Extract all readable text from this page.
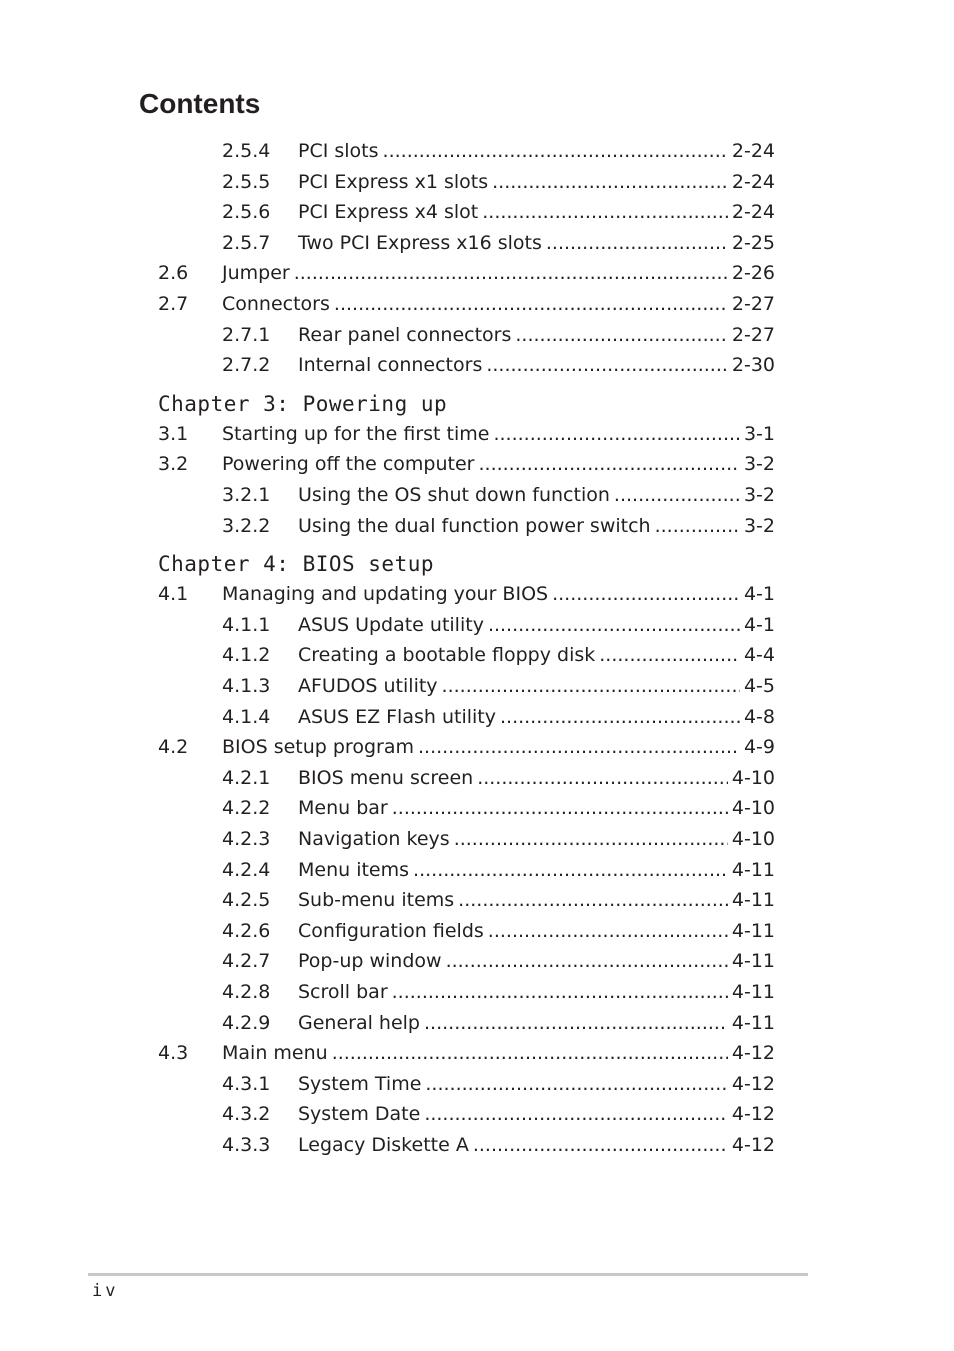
Contents
2.5.4 PCI slots .....	2-24
2.5.5 PCI Express x1 slots .....	2-24
2.5.6 PCI Express x4 slot .....	2-24
2.5.7 Two PCI Express x16 slots .....	2-25
2.6 Jumper .....	2-26
2.7 Connectors .....	2-27
2.7.1 Rear panel connectors .....	2-27
2.7.2 Internal connectors .....	2-30
Chapter 3: Powering up
3.1 Starting up for the first time .....	3-1
3.2 Powering off the computer .....	3-2
3.2.1 Using the OS shut down function .....	3-2
3.2.2 Using the dual function power switch .....	3-2
Chapter 4: BIOS setup
4.1 Managing and updating your BIOS .....	4-1
4.1.1 ASUS Update utility .....	4-1
4.1.2 Creating a bootable floppy disk .....	4-4
4.1.3 AFUDOS utility .....	4-5
4.1.4 ASUS EZ Flash utility .....	4-8
4.2 BIOS setup program .....	4-9
4.2.1 BIOS menu screen .....	4-10
4.2.2 Menu bar .....	4-10
4.2.3 Navigation keys .....	4-10
4.2.4 Menu items .....	4-11
4.2.5 Sub-menu items .....	4-11
4.2.6 Configuration fields .....	4-11
4.2.7 Pop-up window .....	4-11
4.2.8 Scroll bar .....	4-11
4.2.9 General help .....	4-11
4.3 Main menu .....	4-12
4.3.1 System Time .....	4-12
4.3.2 System Date .....	4-12
4.3.3 Legacy Diskette A .....	4-12
iv
